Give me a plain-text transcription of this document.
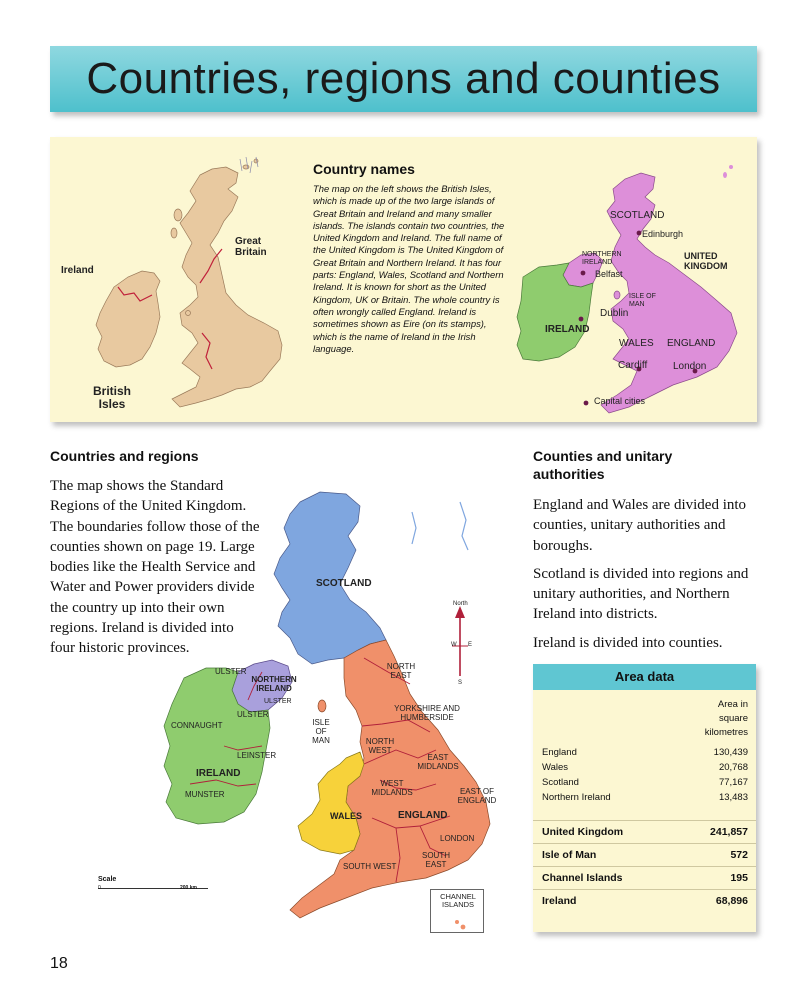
Countries, regions and counties
Ireland
Great Britain
British Isles
Country names

The map on the left shows the British Isles, which is made up of the two large islands of Great Britain and Ireland and many smaller islands. The islands contain two countries, the United Kingdom and Ireland. The full name of the United Kingdom is The United Kingdom of Great Britain and Northern Ireland. It has four parts: England, Wales, Scotland and Northern Ireland. It is known for short as the United Kingdom, UK or Britain. The whole country is often wrongly called England. Ireland is sometimes shown as Eire (on its stamps), which is the name of Ireland in the Irish language.

SCOTLAND
Edinburgh
NORTHERN IRELAND
Belfast
UNITED KINGDOM
ISLE OF MAN
Dublin
IRELAND
WALES ENGLAND
Cardiff	London
Capital cities
Countries and regions

The map shows the Standard Regions of the United Kingdom. The boundaries follow those of the counties shown on page 19. Large bodies like the Health Service and Water and Power providers divide the country up into their own regions. Ireland is divided into four historic provinces.

SCOTLAND
NORTH EAST
YORKSHIRE AND HUMBERSIDE
NORTH WEST
EAST MIDLANDS
WEST MIDLANDS	EAST OF ENGLAND
WALES	ENGLAND
LONDON
SOUTH WEST
SOUTH EAST
ISLE OF MAN
NORTHERN IRELAND
ULSTER
ULSTER
ULSTER
CONNAUGHT
LEINSTER
IRELAND
MUNSTER
North
W E
S
Scale
0	200 km
CHANNEL ISLANDS
Counties and unitary authorities

England and Wales are divided into counties, unitary authorities and boroughs.

Scotland is divided into regions and unitary authorities, and Northern Ireland into districts.

Ireland is divided into counties.

Area data
Area in square kilometres
England	130,439
Wales	20,768
Scotland	77,167
Northern Ireland	13,483
United Kingdom	241,857
Isle of Man	572
Channel Islands	195
Ireland	68,896
18
